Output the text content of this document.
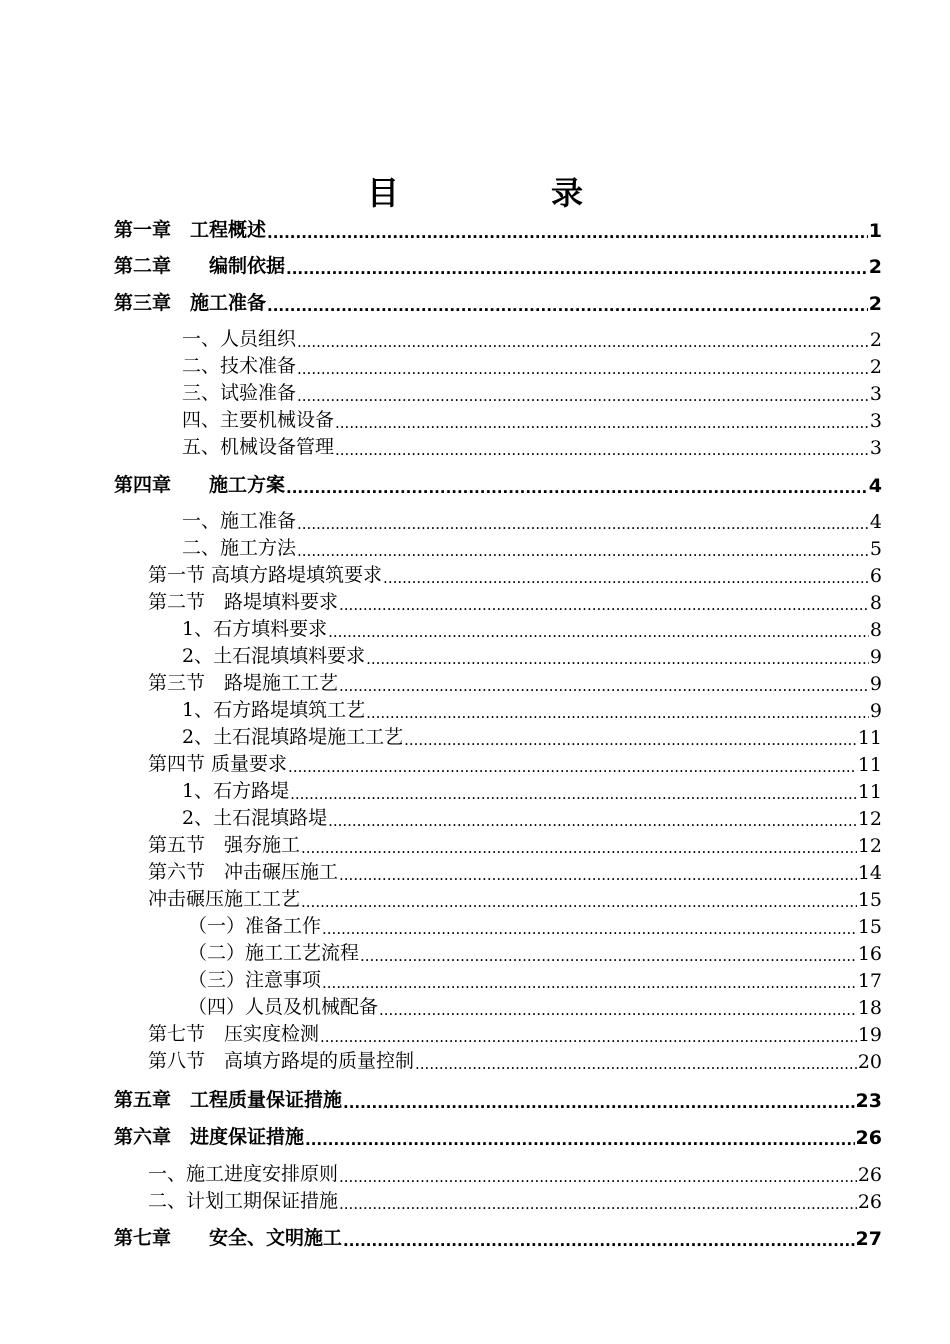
目　录
第一章　工程概述 .....	1
第二章　　编制依据 .....	2
第三章　施工准备 .....	2
一、人员组织 .....	2
二、技术准备 .....	2
三、试验准备 .....	3
四、主要机械设备 .....	3
五、机械设备管理 .....	3
第四章　　施工方案 .....	4
一、施工准备 .....	4
二、施工方法 .....	5
第一节 高填方路堤填筑要求 .....	6
第二节　路堤填料要求 .....	8
1、石方填料要求 .....	8
2、土石混填填料要求 .....	9
第三节　路堤施工工艺 .....	9
1、石方路堤填筑工艺 .....	9
2、土石混填路堤施工工艺 .....	11
第四节 质量要求 .....	11
1、石方路堤 .....	11
2、土石混填路堤 .....	12
第五节　强夯施工 .....	12
第六节　冲击碾压施工 .....	14
冲击碾压施工工艺 .....	15
（一）准备工作 .....	15
（二）施工工艺流程 .....	16
（三）注意事项 .....	17
（四）人员及机械配备 .....	18
第七节　压实度检测 .....	19
第八节　高填方路堤的质量控制 .....	20
第五章　工程质量保证措施 .....	23
第六章　进度保证措施 .....	26
一、施工进度安排原则 .....	26
二、计划工期保证措施 .....	26
第七章　　安全、文明施工 .....	27
